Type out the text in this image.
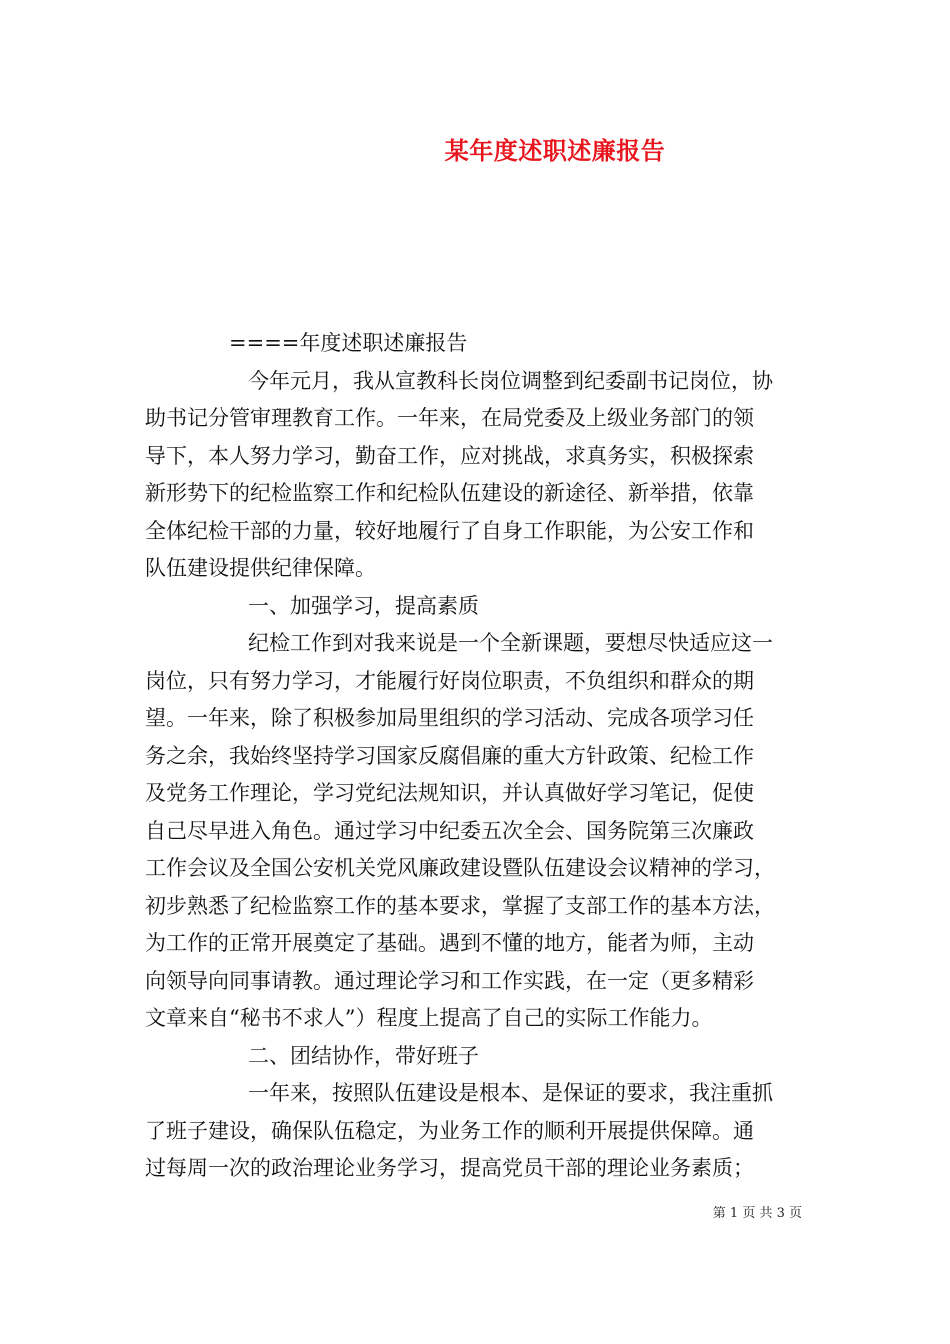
某年度述职述廉报告
====年度述职述廉报告
今年元月，我从宣教科长岗位调整到纪委副书记岗位，协
助书记分管审理教育工作。一年来，在局党委及上级业务部门的领
导下，本人努力学习，勤奋工作，应对挑战，求真务实，积极探索
新形势下的纪检监察工作和纪检队伍建设的新途径、新举措，依靠
全体纪检干部的力量，较好地履行了自身工作职能，为公安工作和
队伍建设提供纪律保障。
一、加强学习，提高素质
纪检工作到对我来说是一个全新课题，要想尽快适应这一
岗位，只有努力学习，才能履行好岗位职责，不负组织和群众的期
望。一年来，除了积极参加局里组织的学习活动、完成各项学习任
务之余，我始终坚持学习国家反腐倡廉的重大方针政策、纪检工作
及党务工作理论，学习党纪法规知识，并认真做好学习笔记，促使
自己尽早进入角色。通过学习中纪委五次全会、国务院第三次廉政
工作会议及全国公安机关党风廉政建设暨队伍建设会议精神的学习，
初步熟悉了纪检监察工作的基本要求，掌握了支部工作的基本方法，
为工作的正常开展奠定了基础。遇到不懂的地方，能者为师，主动
向领导向同事请教。通过理论学习和工作实践，在一定（更多精彩
文章来自“秘书不求人”）程度上提高了自己的实际工作能力。
二、团结协作，带好班子
一年来，按照队伍建设是根本、是保证的要求，我注重抓
了班子建设，确保队伍稳定，为业务工作的顺利开展提供保障。通
过每周一次的政治理论业务学习，提高党员干部的理论业务素质；
第 1 页 共 3 页
